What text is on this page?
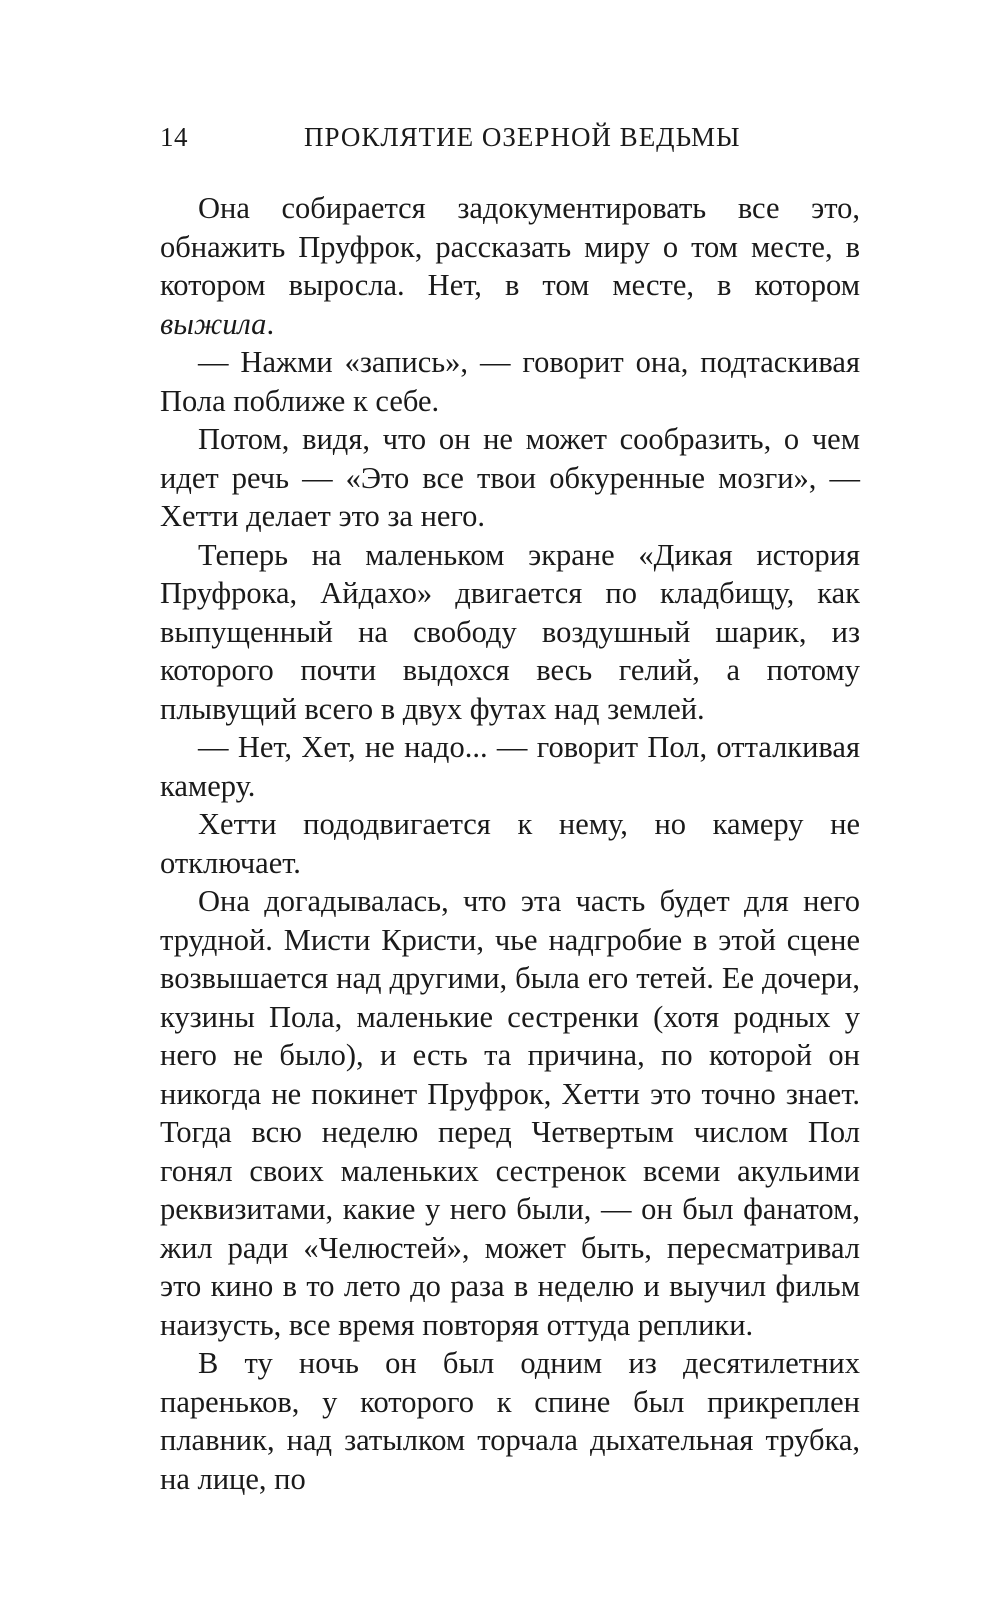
14	ПРОКЛЯТИЕ ОЗЕРНОЙ ВЕДЬМЫ

Она собирается задокументировать все это, обнажить Пруфрок, рассказать миру о том месте, в котором выросла. Нет, в том месте, в котором выжила.

— Нажми «запись», — говорит она, подтаскивая Пола поближе к себе.

Потом, видя, что он не может сообразить, о чем идет речь — «Это все твои обкуренные мозги», — Хетти делает это за него.

Теперь на маленьком экране «Дикая история Пруфрока, Айдахо» двигается по кладбищу, как выпущенный на свободу воздушный шарик, из которого почти выдохся весь гелий, а потому плывущий всего в двух футах над землей.

— Нет, Хет, не надо... — говорит Пол, отталкивая камеру.

Хетти пододвигается к нему, но камеру не отключает.

Она догадывалась, что эта часть будет для него трудной. Мисти Кристи, чье надгробие в этой сцене возвышается над другими, была его тетей. Ее дочери, кузины Пола, маленькие сестренки (хотя родных у него не было), и есть та причина, по которой он никогда не покинет Пруфрок, Хетти это точно знает. Тогда всю неделю перед Четвертым числом Пол гонял своих маленьких сестренок всеми акульими реквизитами, какие у него были, — он был фанатом, жил ради «Челюстей», может быть, пересматривал это кино в то лето до раза в неделю и выучил фильм наизусть, все время повторяя оттуда реплики.

В ту ночь он был одним из десятилетних пареньков, у которого к спине был прикреплен плавник, над затылком торчала дыхательная трубка, на лице, по
